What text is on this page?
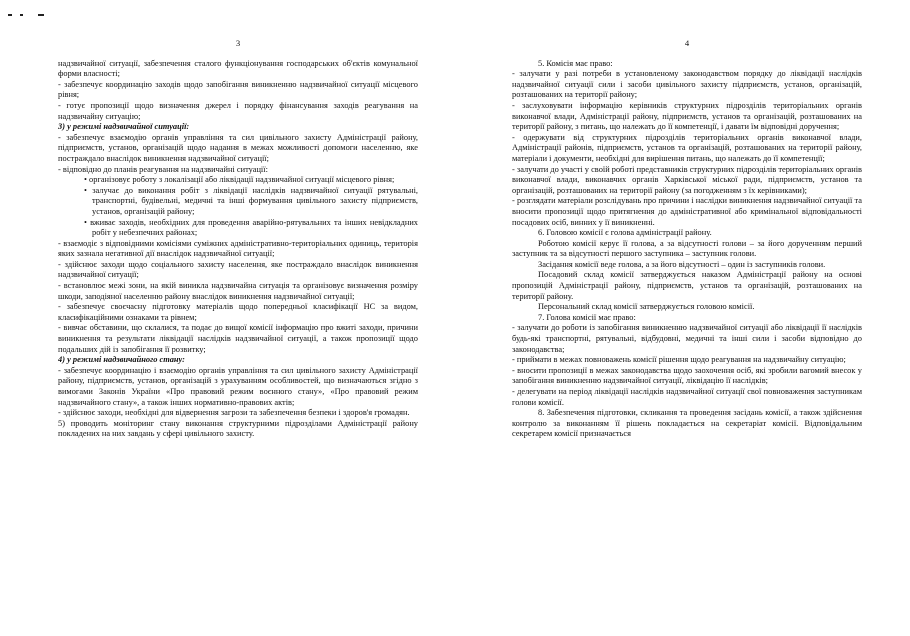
3

надзвичайної ситуації, забезпечення сталого функціонування господарських об'єктів комунальної форми власності;

- забезпечує координацію заходів щодо запобігання виникненню надзвичайної ситуації місцевого рівня;

- готує пропозиції щодо визначення джерел і порядку фінансування заходів реагування на надзвичайну ситуацію;

3) у режимі надзвичайної ситуації:

- забезпечує взаємодію органів управління та сил цивільного захисту Адміністрації району, підприємств, установ, організацій щодо надання в межах можливості допомоги населенню, яке постраждало внаслідок виникнення надзвичайної ситуації;

- відповідно до планів реагування на надзвичайні ситуації:

• організовує роботу з локалізації або ліквідації надзвичайної ситуації місцевого рівня;

• залучає до виконання робіт з ліквідації наслідків надзвичайної ситуації рятувальні, транспортні, будівельні, медичні та інші формування цивільного захисту підприємств, установ, організацій району;

• вживає заходів, необхідних для проведення аварійно-рятувальних та інших невідкладних робіт у небезпечних районах;

- взаємодіє з відповідними комісіями суміжних адміністративно-територіальних одиниць, територія яких зазнала негативної дії внаслідок надзвичайної ситуації;

- здійснює заходи щодо соціального захисту населення, яке постраждало внаслідок виникнення надзвичайної ситуації;

- встановлює межі зони, на якій виникла надзвичайна ситуація та організовує визначення розміру шкоди, заподіяної населенню району внаслідок виникнення надзвичайної ситуації;

- забезпечує своєчасну підготовку матеріалів щодо попередньої класифікації НС за видом, класифікаційними ознаками та рівнем;

- вивчає обставини, що склалися, та подає до вищої комісії інформацію про вжиті заходи, причини виникнення та результати ліквідації наслідків надзвичайної ситуації, а також пропозиції щодо подальших дій із запобігання її розвитку;

4) у режимі надзвичайного стану:

- забезпечує координацію і взаємодію органів управління та сил цивільного захисту Адміністрації району, підприємств, установ, організацій з урахуванням особливостей, що визначаються згідно з вимогами Законів України «Про правовий режим воєнного стану», «Про правовий режим надзвичайного стану», а також інших нормативно-правових актів;

- здійснює заходи, необхідні для відвернення загрози та забезпечення безпеки і здоров'я громадян.

5) проводить моніторинг стану виконання структурними підрозділами Адміністрації району покладених на них завдань у сфері цивільного захисту.

4

5. Комісія має право:

- залучати у разі потреби в установленому законодавством порядку до ліквідації наслідків надзвичайної ситуації сили і засоби цивільного захисту підприємств, установ, організацій, розташованих на території району;

- заслуховувати інформацію керівників структурних підрозділів територіальних органів виконавчої влади, Адміністрації району, підприємств, установ та організацій, розташованих на території району, з питань, що належать до її компетенції, і давати їм відповідні доручення;

- одержувати від структурних підрозділів територіальних органів виконавчої влади, Адміністрації районів, підприємств, установ та організацій, розташованих на території району, матеріали і документи, необхідні для вирішення питань, що належать до її компетенції;

- залучати до участі у своїй роботі представників структурних підрозділів територіальних органів виконавчої влади, виконавчих органів Харківської міської ради, підприємств, установ та організацій, розташованих на території району (за погодженням з їх керівниками);

- розглядати матеріали розслідувань про причини і наслідки виникнення надзвичайної ситуації та вносити пропозиції щодо притягнення до адміністративної або кримінальної відповідальності посадових осіб, винних у її виникненні.

6. Головою комісії є голова адміністрації району.

Роботою комісії керує її голова, а за відсутності голови – за його дорученням перший заступник та за відсутності першого заступника – заступник голови.

Засідання комісії веде голова, а за його відсутності – один із заступників голови.

Посадовий склад комісії затверджується наказом Адміністрації району на основі пропозицій Адміністрації району, підприємств, установ та організацій, розташованих на території району.

Персональний склад комісії затверджується головою комісії.

7. Голова комісії має право:

- залучати до роботи із запобігання виникненню надзвичайної ситуації або ліквідації її наслідків будь-які транспортні, рятувальні, відбудовні, медичні та інші сили і засоби відповідно до законодавства;

- приймати в межах повноважень комісії рішення щодо реагування на надзвичайну ситуацію;

- вносити пропозиції в межах законодавства щодо заохочення осіб, які зробили вагомий внесок у запобігання виникненню надзвичайної ситуації, ліквідацію її наслідків;

- делегувати на період ліквідації наслідків надзвичайної ситуації свої повноваження заступникам голови комісії.

8. Забезпечення підготовки, скликання та проведення засідань комісії, а також здійснення контролю за виконанням її рішень покладається на секретаріат комісії. Відповідальним секретарем комісії призначається
